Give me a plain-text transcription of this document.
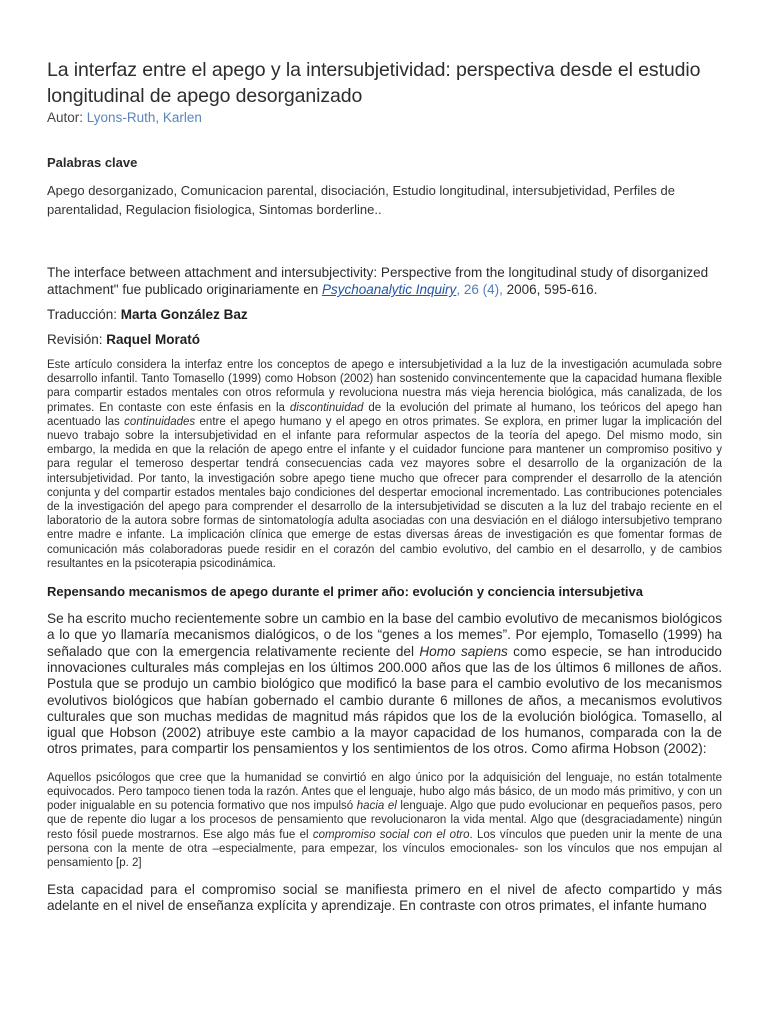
La interfaz entre el apego y la intersubjetividad: perspectiva desde el estudio longitudinal de apego desorganizado
Autor: Lyons-Ruth, Karlen
Palabras clave

Apego desorganizado, Comunicacion parental, disociación, Estudio longitudinal, intersubjetividad, Perfiles de parentalidad, Regulacion fisiologica, Sintomas borderline..

The interface between attachment and intersubjectivity: Perspective from the longitudinal study of disorganized attachment" fue publicado originariamente en Psychoanalytic Inquiry, 26 (4), 2006, 595-616.

Traducción: Marta González Baz

Revisión: Raquel Morató

Este artículo considera la interfaz entre los conceptos de apego e intersubjetividad a la luz de la investigación acumulada sobre desarrollo infantil. Tanto Tomasello (1999) como Hobson (2002) han sostenido convincentemente que la capacidad humana flexible para compartir estados mentales con otros reformula y revoluciona nuestra más vieja herencia biológica, más canalizada, de los primates. En contaste con este énfasis en la discontinuidad de la evolución del primate al humano, los teóricos del apego han acentuado las continuidades entre el apego humano y el apego en otros primates. Se explora, en primer lugar la implicación del nuevo trabajo sobre la intersubjetividad en el infante para reformular aspectos de la teoría del apego. Del mismo modo, sin embargo, la medida en que la relación de apego entre el infante y el cuidador funcione para mantener un compromiso positivo y para regular el temeroso despertar tendrá consecuencias cada vez mayores sobre el desarrollo de la organización de la intersubjetividad. Por tanto, la investigación sobre apego tiene mucho que ofrecer para comprender el desarrollo de la atención conjunta y del compartir estados mentales bajo condiciones del despertar emocional incrementado. Las contribuciones potenciales de la investigación del apego para comprender el desarrollo de la intersubjetividad se discuten a la luz del trabajo reciente en el laboratorio de la autora sobre formas de sintomatología adulta asociadas con una desviación en el diálogo intersubjetivo temprano entre madre e infante. La implicación clínica que emerge de estas diversas áreas de investigación es que fomentar formas de comunicación más colaboradoras puede residir en el corazón del cambio evolutivo, del cambio en el desarrollo, y de cambios resultantes en la psicoterapia psicodinámica.

Repensando mecanismos de apego durante el primer año: evolución y conciencia intersubjetiva

Se ha escrito mucho recientemente sobre un cambio en la base del cambio evolutivo de mecanismos biológicos a lo que yo llamaría mecanismos dialógicos, o de los “genes a los memes”. Por ejemplo, Tomasello (1999) ha señalado que con la emergencia relativamente reciente del Homo sapiens como especie, se han introducido innovaciones culturales más complejas en los últimos 200.000 años que las de los últimos 6 millones de años. Postula que se produjo un cambio biológico que modificó la base para el cambio evolutivo de los mecanismos evolutivos biológicos que habían gobernado el cambio durante 6 millones de años, a mecanismos evolutivos culturales que son muchas medidas de magnitud más rápidos que los de la evolución biológica. Tomasello, al igual que Hobson (2002) atribuye este cambio a la mayor capacidad de los humanos, comparada con la de otros primates, para compartir los pensamientos y los sentimientos de los otros. Como afirma Hobson (2002):

Aquellos psicólogos que cree que la humanidad se convirtió en algo único por la adquisición del lenguaje, no están totalmente equivocados. Pero tampoco tienen toda la razón. Antes que el lenguaje, hubo algo más básico, de un modo más primitivo, y con un poder inigualable en su potencia formativo que nos impulsó hacia el lenguaje. Algo que pudo evolucionar en pequeños pasos, pero que de repente dio lugar a los procesos de pensamiento que revolucionaron la vida mental. Algo que (desgraciadamente) ningún resto fósil puede mostrarnos. Ese algo más fue el compromiso social con el otro. Los vínculos que pueden unir la mente de una persona con la mente de otra –especialmente, para empezar, los vínculos emocionales- son los vínculos que nos empujan al pensamiento [p. 2]

Esta capacidad para el compromiso social se manifiesta primero en el nivel de afecto compartido y más adelante en el nivel de enseñanza explícita y aprendizaje. En contraste con otros primates, el infante humano
